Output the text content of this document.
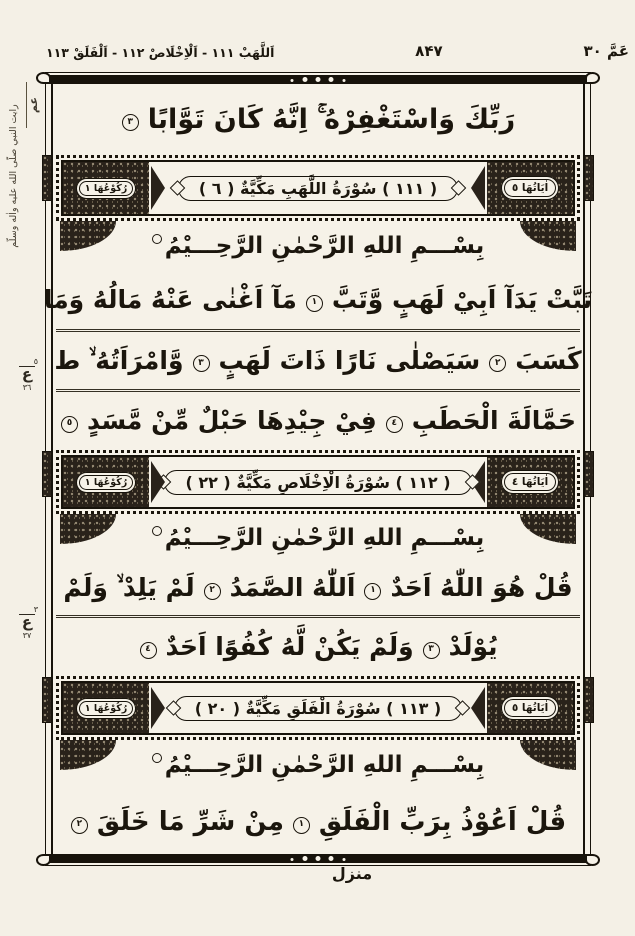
عَمَّ ٣٠
۸۴۷
اَللَّهَبْ ١١١ - اَلْاِخْلَاصْ ١١٢ - اَلْفَلَقْ ١١٣
رايت النبي صلّى الله عليه واٰله وسلّم عم
٥
ع
٣٦
٣
ع
٣٧
رَبِّكَ وَاسْتَغْفِرْهُ ۚ اِنَّهُ كَانَ تَوَّابًا
٣
اٰيَاتُهَا ٥
( ١١١ ) سُوْرَةُ اللَّهَبِ مَكِّيَّةٌ ( ٦ )
رُكُوْعُهَا ١
بِسْـــمِ اللهِ الرَّحْمٰنِ الرَّحِـــيْمُ
تَبَّتْ يَدَآ اَبِيْ لَهَبٍ وَّتَبَّ
١
مَآ اَغْنٰى عَنْهُ مَالُهُ وَمَا
كَسَبَ
٢
سَيَصْلٰى نَارًا ذَاتَ لَهَبٍ
٣
وَّامْرَاَتُهُ ۙ ط
حَمَّالَةَ الْحَطَبِ
٤
فِيْ جِيْدِهَا حَبْلٌ مِّنْ مَّسَدٍ
٥
اٰيَاتُهَا ٤
( ١١٢ ) سُوْرَةُ الْاِخْلَاصِ مَكِّيَّةٌ ( ٢٢ )
رُكُوْعُهَا ١
بِسْـــمِ اللهِ الرَّحْمٰنِ الرَّحِـــيْمُ
قُلْ هُوَ اللّٰهُ اَحَدٌ
١
اَللّٰهُ الصَّمَدُ
٢
لَمْ يَلِدْ ۙ وَلَمْ
يُوْلَدْ
٣
وَلَمْ يَكُنْ لَّهُ كُفُوًا اَحَدٌ
٤
اٰيَاتُهَا ٥
( ١١٣ ) سُوْرَةُ الْفَلَقِ مَكِّيَّةٌ ( ٢٠ )
رُكُوْعُهَا ١
بِسْـــمِ اللهِ الرَّحْمٰنِ الرَّحِـــيْمُ
قُلْ اَعُوْذُ بِرَبِّ الْفَلَقِ
١
مِنْ شَرِّ مَا خَلَقَ
٢
منزل
